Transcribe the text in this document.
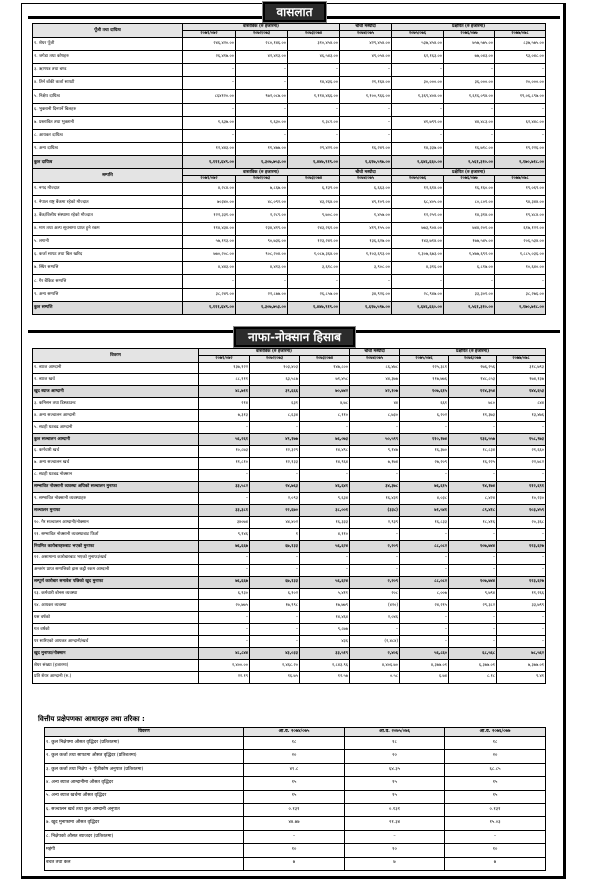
वासलात
नाफा-नोक्सान हिसाब
पूँजी तथा दायित्व	वास्तविक (रु हजारमा)			चौथो मस्यौदा	प्रक्षेपित (रु हजारमा)		
	२०७१/०७२	२०७२/०७३	२०७३/०७४	२०७४/०७५	२०७५/०७६	२०७६/०७७	२०७७/०७८
१. शेयर पूँजी	२४६,४२०.००	२८०,१४६.००	३१०,४५४.००	४२९,४५४.००	५३७,४५४.००	७५७,५७५.००	८३७,५७५.००
२. जगेडा तथा कोषहरु	२६,४१७.००	४२,४१३.००	४६,५४३.००	४९,०५४.००	६२,१६३.००	७७,०४३.००	९३,०४८.००
३. ऋणपत्र तथा बण्ड	–	–	–	–	–	–	–
४. तिर्न बाँकी कर्जा सापटी	–	–	१४,४३६.००	२१,१६४.००	३०,०००.००	३६,०००.००	२०,०००.००
५. निक्षेप दायित्व	८६४१२०.००	९७२,०८७.००	१,११४,४६६.००	१,१००,९६६.००	१,३६९,४०४.००	१,६१६,०९४.००	१९,०६,८९७.००
६. भुक्तानी दिनपर्ने बिलहरु	–	–	–	–	–	–	–
७. प्रस्तावित तथा भुक्तानी	१,६३७.००	१,६३०.००	१,३८१.००	–	४१,७९९.००	४४,४८३.००	६२,४४८.००
८. आयकर दायित्व	–	–	–	–	–	–	–
९. अन्य दायित्व	१२,४४३.००	११,४७७.००	२९,४२१.००	१६,२४९.००	१४,३३७.००	१६,७१८.००	१९,२२६.००
कुल दायित्व	१,१११,६४९.००	१,३०७,७५३.००	१,४४७,९१९.००	१,६१७,५९७.००	२,६४६,६६०.००	२,५६१,३१०.००	२,१७०,७१८.००
सम्पत्ति	वास्तविक (रु हजारमा)			चौथो मस्यौदा	प्रक्षेपित (रु हजारमा)		
	२०७१/०७२	२०७२/०७३	२०७३/०७४	२०७४/०७५	२०७५/०७६	२०७६/०७७	२०७७/०७८
१. नगद मौज्दात	४,२८४.००	७,८६७.००	६,१३९.००	६,६६३.००	१२,६१४.००	१६,१६०.००	१९,०६९.००
२. नेपाल राष्ट्र बैंकमा रहेको मौज्दात	७०३४०.००	४८,०९२.००	४३,२६४.००	४९,१०९.००	६८,४०५.००	८०,८०१.००	९४,३४४.००
३. बैंक/वित्तीय संस्थामा रहेको मौज्दात	१२२,३३१.००	२,२८९.००	९,७०८.००	१,४५७.००	१२,२५१.००	१४,३१४.००	१९,४८४.००
४. माग तथा अल्प सूचनामा प्राप्त हुने रकम	११४,४३४.००	२३४,४१९.००	२४३,२६१.००	४१९,१५५.००	७७३,९०४.००	७४४,२०१.००	६१७,१२२.००
५. लगानी	५७,११३.००	९०,७३६.००	१२३,२४१.००	१३६,६२७.००	१४३,७१४.००	१७७,५४५.००	२०६,५३४.००
६. कर्जा सापट तथा बिल खरिद	७७०,२०८.००	९०८,२०४.००	१,०८७,३६४.००	१,१०३,६९३.००	१,३०७,६७३.००	१,४७७,६९२.००	१,८८५,०३६.००
७. स्थिर सम्पत्ति	४,४४३.००	४,४१३.००	३,६१८.००	३,९०८.००	४,३१६.००	६,८१७.००	१०,६४०.००
८. गैर बैंकिङ सम्पत्ति	–	–	–	–	–	–	–
९. अन्य सम्पत्ति	३८,२४९.००	२२,८७७.००	२६,८५७.००	३४,९२६.००	२८,९४७.००	३३,३०१.००	३८,२७६.००
कुल सम्पत्ति	१,१११,६४९.००	१,३०७,७५३.००	१,४४७,९१९.००	१,६१७,५९७.००	२,६४६,६६०.००	२,५६१,३१०.००	२,१७०,७१८.००
विवरण	वास्तविक (रु हजारमा)			चौथो मस्यौदा	प्रक्षेपित (रु हजारमा)		
	२०७१/०७२	२०७२/०७३	२०७३/०७४	२०७४/०७५	२०७५/०७६	२०७६/०७७	२०७७/०७८
१. ब्याज आम्दानी	१३७,१२२	१०३,४०३	१४७,८००	८६,४७८	२२५,३८१	२७६,२५६	३१८,७९३
२. ब्याज खर्च	८८,१११	६३,५८७	७१,४५८	४४,३७७	११७,७७६	१४८,८५३	१७४,१३७
खुद ब्याज आम्दानी	४८,७११	३९,६६६	७०,७४२	४२,१०७	१०७,६१५	१२४,३५४	१४४,६५३
३. कमिसन तथा डिस्काउन्ट	२१४	६३१	४,७८	४४	६६१	७८०	८४४
४. अन्य सञ्चालन आम्दानी	७,३१३	८,६३४	८,११०	८,७३०	६,२०२	११,३७३	१३,४७६
५. सटही घटबढ आम्दानी	–	–	–	–	–	–	–
कुल सञ्चालन आम्दानी	५६,२६१	४९,१७७	७६,०७३	५०,५९९	११०,१७४	१३६,५५७	१५८,९७३
६. कर्मचारी खर्च	१०,८७३	१२,३२९	१४,४९८	९,१४७	१६,३७०	१८,८३४	२१,६६०
७. अन्य सञ्चालन खर्च	११,८१०	१२,१३३	१४,९६४	७,१७४	२७,२०९	१६,२२५	२२,७८२
८. सटही घटबढ नोक्सान	–	–	–	–	–	–	–
सम्भावित नोक्सानी व्यवस्था अघिको सञ्चालन मुनाफा	३३,५८२	२४,७६३	४६,६४१	३४,३७८	७६,६१५	९४,१७४	११२,६९१
९. सम्भावित नोक्सानी व्यवस्थाहरु	–	२,०९३	९,६३४	१६,४३१	४,०३८	८,४२४	१०,२३०
सञ्चालन मुनाफा	३३,३८१	२२,६७०	३८,००१	(३३८)	७१,५४१	८९,४१८	१०३,४५९
१०. गैर सञ्चालन आम्दानी/नोक्सान	३४०७४	४४,४०२	१६,३३३	२,९३९	१६,८३३	१८,४१६	२०,३६८
११. सम्भावित नोक्सानी व्यवस्थाबाट फिर्ता	९,१४६	१	४,११०	–	–	–	–
नियमित कारोबारहरुबाट भएको मुनाफा	७६,६६७	६७,१३३	५६,६२४	२,२०९	८८,०८२	१०७,७४४	१२३,६२७
१२. असामान्य कारोबारबाट भएको मुनाफा/खर्च	–	–	–	–	–	–	–
अन्तरंग प्राप्त सम्पत्तिको ह्रास कट्टी रकम आम्दानी	–	–	–	–	–	–	–
सम्पूर्ण कारोबार समावेश पछिको खुद मुनाफा	७६,६६७	६७,१३३	५६,६२४	२,२०९	८८,०८२	१०७,७४४	१२३,६२७
१३. कर्मचारी बोनस व्यवस्था	६,९३०	६,१०२	५,४११	२०८	८,००७	९,७९४	११,२६६
१४. आयकर व्यवस्था	२०,७७५	१७,९९८	१७,७७९	(४२०)	२४,२१५	२९,३८२	३३,७९९
यस वर्षको	–	–	१४,४६४	२,०४६	–	–	–
गत वर्षको	–	–	९,८७७	–	–	–	–
पर सारिएको आयकर आम्दानी/खर्च	–	–	४३६	(२,४८४)	–	–	–
खुद मुनाफा/नोक्सान	४८,८४४	४३,०३३	३३,५१९	२,४०६	५६,८६०	६८,५६८	७८,५६२
शेयर संख्या (हजारमा)	२,४००.००	२,४६८.२०	२,८४३.९६	४,४०६.७०	४,३७७.०१	६,३७७.०१	७,३७७.०१
प्रति शेयर आम्दानी (रु.)	२२.१९	१६.७५	१२.५७	०.५८	६.७४	८.१८	९.४१
वित्तीय प्रक्षेपणका आधारहरु तथा तरिका :
विवरण	आ.व. २०७४/०७५	आ.व. २०७५/०७६	आ.व. २०७६/०७७
१. कुल निक्षेपमा औसत वृद्धिदर (प्रतिशतमा)	१८	१८	१८
२. कुल कर्जा तथा सापटमा औसत वृद्धिदर (प्रतिशतमा)	२०	२०	२०
३. कुल कर्जा तथा निक्षेप + पूँजीकोष अनुपात (प्रतिशतमा)	४९.८	६४.३५	६८.८५
४. अन्य ब्याज आम्दानीमा औसत वृद्धिदर	१५	१५	१५
५. अन्य ब्याज खर्चमा औसत वृद्धिदर	१५	१५	१५
६. सञ्चालन खर्च तथा कुल आम्दानी अनुपात	०.१३१	०.१३१	०.१३१
७. खुद मुनाफामा औसत वृद्धिदर	४४.७७	२१.३४	१५.०३
८. निक्षेपको औसत ब्याजदर (प्रतिशतमा)	–	–	–
महंगी	१०	१०	१०
बचत तथा कल	७	७	७
